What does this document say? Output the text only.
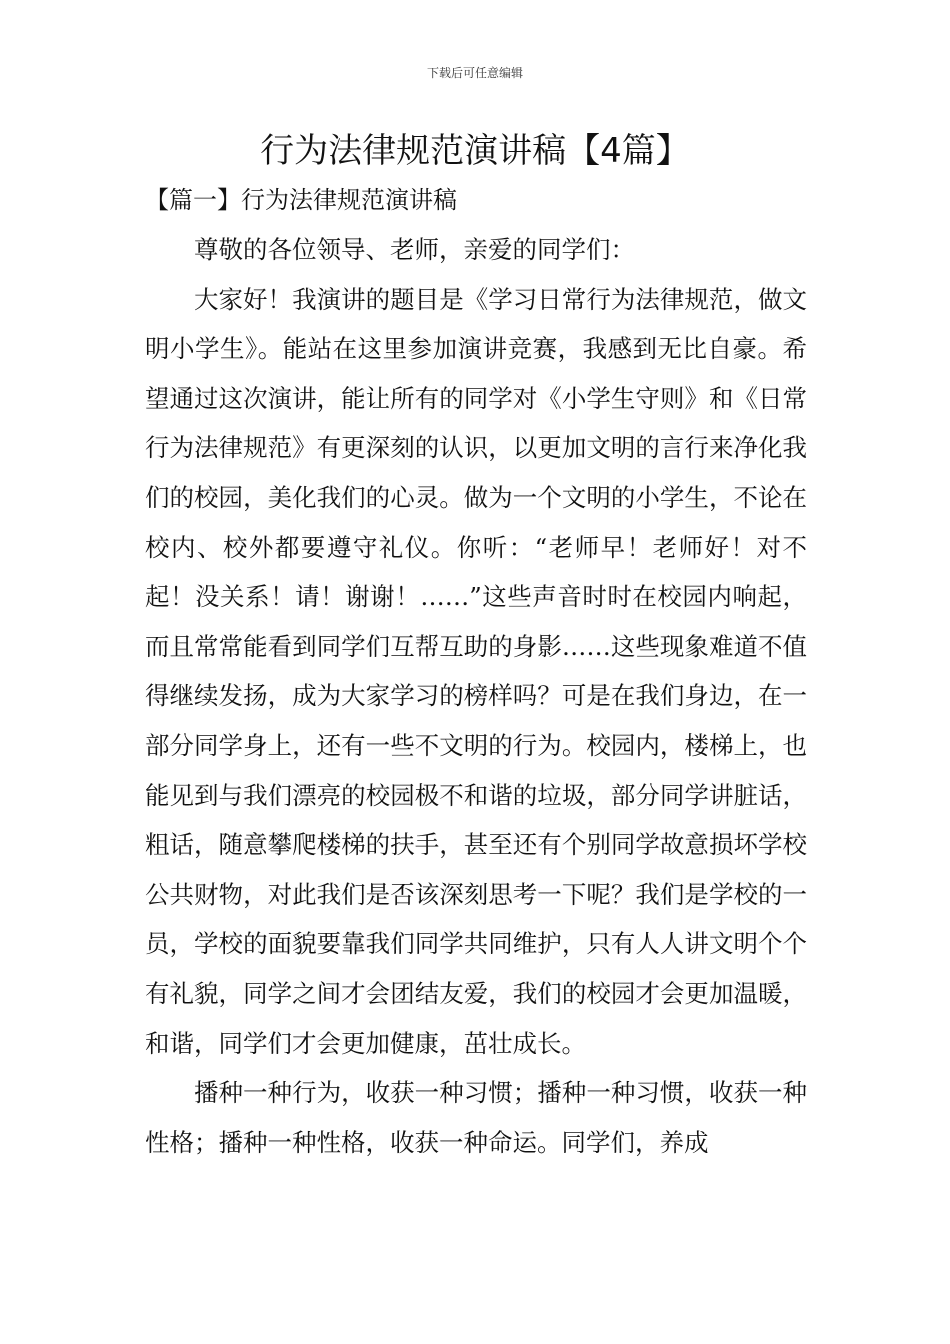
下载后可任意编辑
行为法律规范演讲稿【4篇】
【篇一】行为法律规范演讲稿

尊敬的各位领导、老师，亲爱的同学们：

大家好！我演讲的题目是《学习日常行为法律规范，做文明小学生》。能站在这里参加演讲竞赛，我感到无比自豪。希望通过这次演讲，能让所有的同学对《小学生守则》和《日常行为法律规范》有更深刻的认识，以更加文明的言行来净化我们的校园，美化我们的心灵。做为一个文明的小学生，不论在校内、校外都要遵守礼仪。你听：“老师早！老师好！对不起！没关系！请！谢谢！……”这些声音时时在校园内响起，而且常常能看到同学们互帮互助的身影……这些现象难道不值得继续发扬，成为大家学习的榜样吗？可是在我们身边，在一部分同学身上，还有一些不文明的行为。校园内，楼梯上，也能见到与我们漂亮的校园极不和谐的垃圾，部分同学讲脏话，粗话，随意攀爬楼梯的扶手，甚至还有个别同学故意损坏学校公共财物，对此我们是否该深刻思考一下呢？我们是学校的一员，学校的面貌要靠我们同学共同维护，只有人人讲文明个个有礼貌，同学之间才会团结友爱，我们的校园才会更加温暖，和谐，同学们才会更加健康，茁壮成长。

播种一种行为，收获一种习惯；播种一种习惯，收获一种性格；播种一种性格，收获一种命运。同学们，养成
